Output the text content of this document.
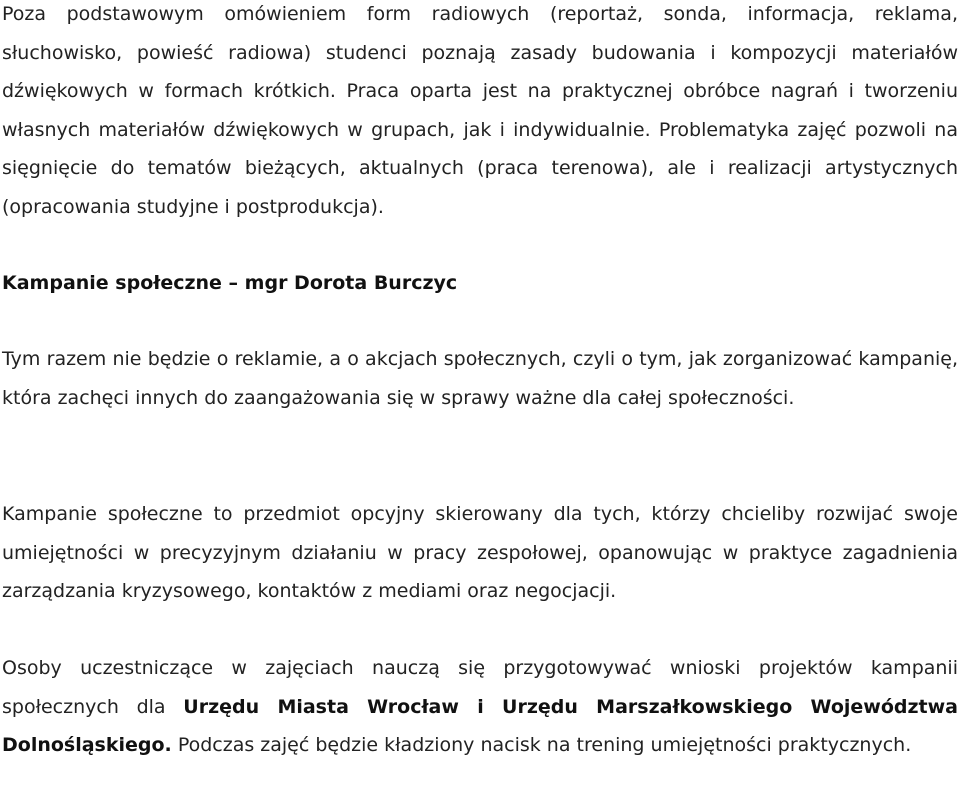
Poza podstawowym omówieniem form radiowych (reportaż, sonda, informacja, reklama, słuchowisko, powieść radiowa) studenci poznają zasady budowania i kompozycji materiałów dźwiękowych w formach krótkich. Praca oparta jest na praktycznej obróbce nagrań i tworzeniu własnych materiałów dźwiękowych w grupach, jak i indywidualnie. Problematyka zajęć pozwoli na sięgnięcie do tematów bieżących, aktualnych (praca terenowa), ale i realizacji artystycznych (opracowania studyjne i postprodukcja).

Kampanie społeczne – mgr Dorota Burczyc

Tym razem nie będzie o reklamie, a o akcjach społecznych, czyli o tym, jak zorganizować kampanię, która zachęci innych do zaangażowania się w sprawy ważne dla całej społeczności.

Kampanie społeczne to przedmiot opcyjny skierowany dla tych, którzy chcieliby rozwijać swoje umiejętności w precyzyjnym działaniu w pracy zespołowej, opanowując w praktyce zagadnienia zarządzania kryzysowego, kontaktów z mediami oraz negocjacji.

Osoby uczestniczące w zajęciach nauczą się przygotowywać wnioski projektów kampanii społecznych dla Urzędu Miasta Wrocław i Urzędu Marszałkowskiego Województwa Dolnośląskiego. Podczas zajęć będzie kładziony nacisk na trening umiejętności praktycznych.
